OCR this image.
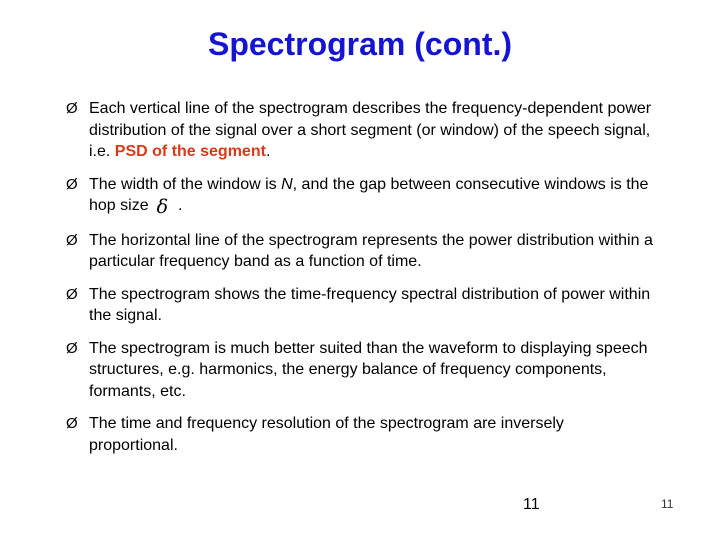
Spectrogram (cont.)
Ø Each vertical line of the spectrogram describes the frequency-dependent power distribution of the signal over a short segment (or window) of the speech signal, i.e. PSD of the segment.
Ø The width of the window is N, and the gap between consecutive windows is the hop size δ .
Ø The horizontal line of the spectrogram represents the power distribution within a particular frequency band as a function of time.
Ø The spectrogram shows the time-frequency spectral distribution of power within the signal.
Ø The spectrogram is much better suited than the waveform to displaying speech structures, e.g. harmonics, the energy balance of frequency components, formants, etc.
Ø The time and frequency resolution of the spectrogram are inversely proportional.
11	11
